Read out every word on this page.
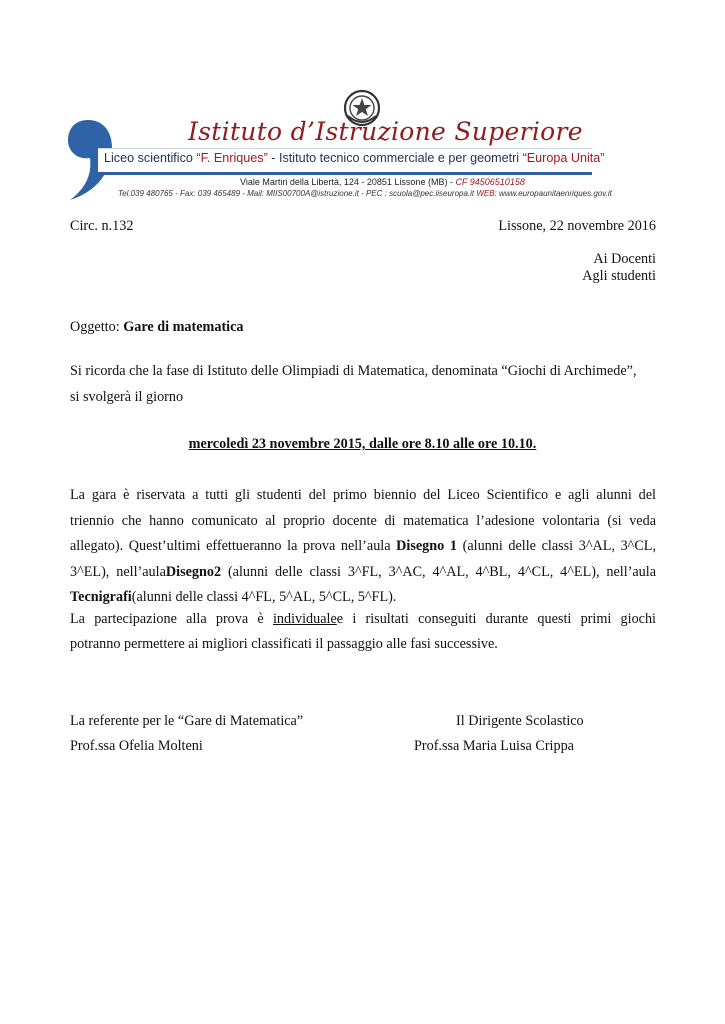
Istituto d’Istruzione Superiore
Liceo scientifico “F. Enriques” - Istituto tecnico commerciale e per geometri “Europa Unita”
Viale Martiri della Libertà, 124 - 20851 Lissone (MB) - CF 94506510158
Tel.039 480765 - Fax: 039 465489 - Mail: MIIS00700A@istruzione.it - PEC : scuola@pec.iiseuropa.it WEB: www.europaunitaenriques.gov.it
Circ. n.132	Lissone, 22 novembre 2016
Ai Docenti
Agli studenti
Oggetto: Gare di matematica
Si ricorda che la fase di Istituto delle Olimpiadi di Matematica, denominata “Giochi di Archimede”,
si svolgerà il giorno
mercoledì 23 novembre 2015, dalle ore 8.10 alle ore 10.10.
La gara è riservata a tutti gli studenti del primo biennio del Liceo Scientifico e agli alunni del
triennio che hanno comunicato al proprio docente di matematica l’adesione volontaria (si veda
allegato). Quest’ultimi effettueranno la prova nell’aula Disegno 1 (alunni delle classi 3^AL, 3^CL,
3^EL), nell’aulaDisegno2 (alunni delle classi 3^FL, 3^AC, 4^AL, 4^BL, 4^CL, 4^EL), nell’aula
Tecnigrafi(alunni delle classi 4^FL, 5^AL, 5^CL, 5^FL).
La partecipazione alla prova è individualee i risultati conseguiti durante questi primi giochi
potranno permettere ai migliori classificati il passaggio alle fasi successive.
La referente per le “Gare di Matematica”
Prof.ssa Ofelia Molteni
Il Dirigente Scolastico
Prof.ssa Maria Luisa Crippa
